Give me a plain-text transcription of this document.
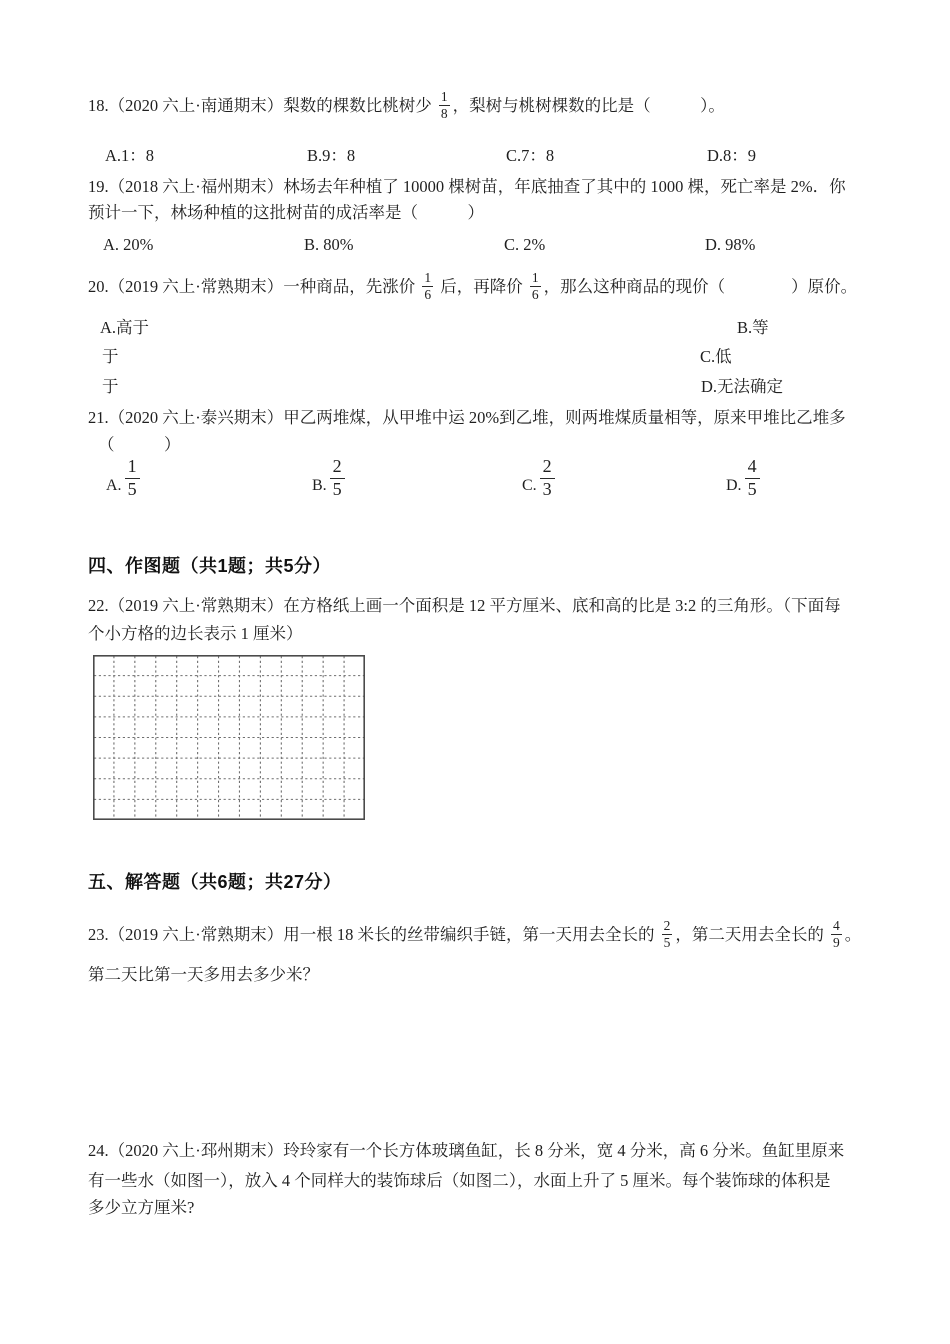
18.（2020 六上·南通期末）梨数的棵数比桃树少 $\frac{1}{8}$ ，梨树与桃树棵数的比是（　　　）。

A.1：8

	B.9：8

	C.7：8

	D.8：9

19.（2018 六上·福州期末）林场去年种植了 10000 棵树苗，年底抽查了其中的 1000 棵，死亡率是 2%．你
预计一下，林场种植的这批树苗的成活率是（　　　）

A. 20%

	B. 80%

	C. 2%

	D. 98%

20.（2019 六上·常熟期末）一种商品，先涨价 $\frac{1}{6}$ 后，再降价 $\frac{1}{6}$ ，那么这种商品的现价（　　　　）原价。

A.高于

	B.等

于

	C.低

于

	D.无法确定

21.（2020 六上·泰兴期末）甲乙两堆煤，从甲堆中运 20%到乙堆，则两堆煤质量相等，原来甲堆比乙堆多
（　　　）
A. $\frac{1}{5}$	B. $\frac{2}{5}$	C. $\frac{2}{3}$	D. $\frac{4}{5}$
四、作图题（共1题；共5分）
22.（2019 六上·常熟期末）在方格纸上画一个面积是 12 平方厘米、底和高的比是 3:2 的三角形。（下面每
个小方格的边长表示 1 厘米）
五、解答题（共6题；共27分）
23.（2019 六上·常熟期末）用一根 18 米长的丝带编织手链，第一天用去全长的 $\frac{2}{5}$ ，第二天用去全长的 $\frac{4}{9}$ 。
第二天比第一天多用去多少米？
24.（2020 六上·邳州期末）玲玲家有一个长方体玻璃鱼缸，长 8 分米，宽 4 分米，高 6 分米。鱼缸里原来
有一些水（如图一），放入 4 个同样大的装饰球后（如图二），水面上升了 5 厘米。每个装饰球的体积是
多少立方厘米?
